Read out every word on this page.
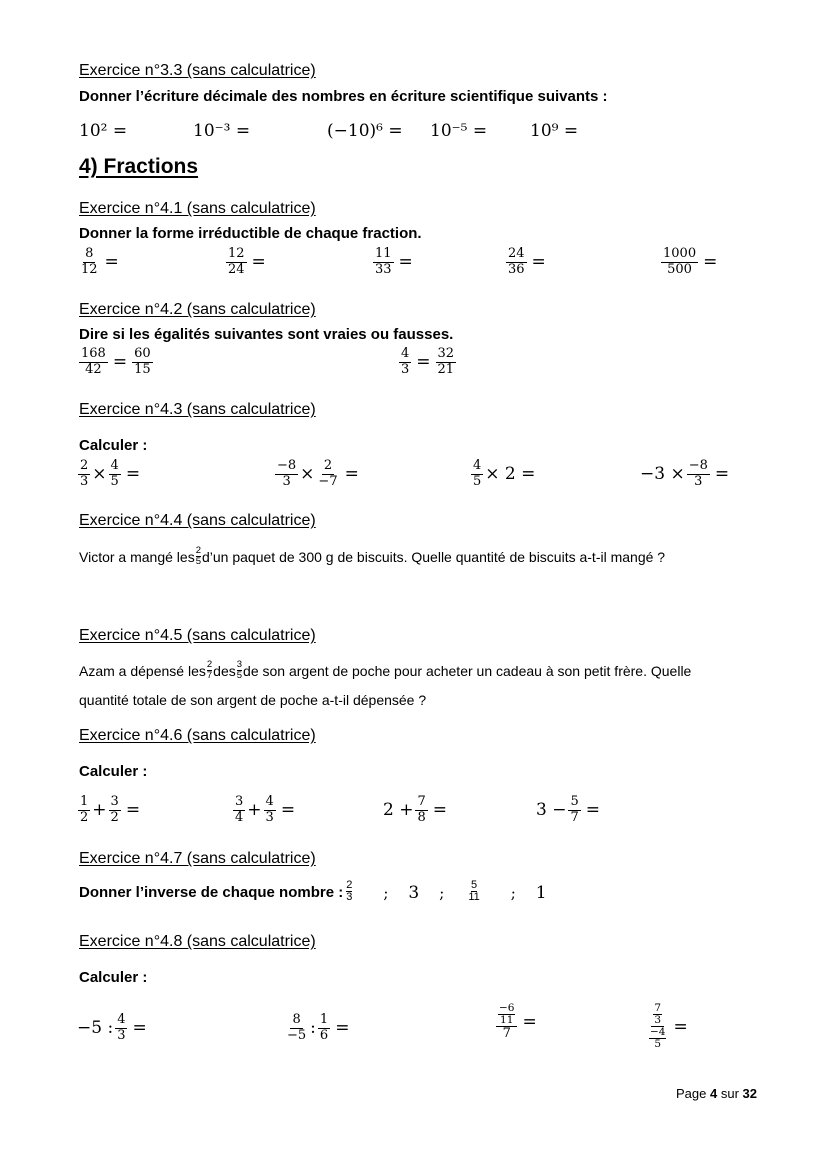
Exercice n°3.3 (sans calculatrice)
Donner l’écriture décimale des nombres en écriture scientifique suivants :
10² =	10⁻³ =	(−10)⁶ = 10⁻⁵ =	10⁹ =
4) Fractions
Exercice n°4.1 (sans calculatrice)
Donner la forme irréductible de chaque fraction.
$\frac{8}{12}$ =	$\frac{12}{24}$ =	$\frac{11}{33}$ =	$\frac{24}{36}$ =	$\frac{1000}{500}$ =
Exercice n°4.2 (sans calculatrice)
Dire si les égalités suivantes sont vraies ou fausses.
$\frac{168}{42} = \frac{60}{15}$	$\frac{4}{3} = \frac{32}{21}$
Exercice n°4.3 (sans calculatrice)
Calculer :
$\frac{2}{3} \times \frac{4}{5}$ =	$\frac{-8}{3} \times \frac{2}{-7}$ =	$\frac{4}{5} \times 2$ =	$-3 \times \frac{-8}{3}$ =
Exercice n°4.4 (sans calculatrice)
Victor a mangé les 2
5 d’un paquet de 300 g de biscuits. Quelle quantité de biscuits a-t-il mangé ?
Exercice n°4.5 (sans calculatrice)
Azam a dépensé les 2
7 des 3
5 de son argent de poche pour acheter un cadeau à son petit frère. Quelle
quantité totale de son argent de poche a-t-il dépensée ?
Exercice n°4.6 (sans calculatrice)
Calculer :
$\frac{1}{2} + \frac{3}{2}$ =	$\frac{3}{4} + \frac{4}{3}$ =	$2 + \frac{7}{8}$ =	$3 - \frac{5}{7}$ =
Exercice n°4.7 (sans calculatrice)
Donner l’inverse de chaque nombre : 2
3 ; 3 ; 5
11 ; 1
Exercice n°4.8 (sans calculatrice)
Calculer :
−5 : $\frac{4}{3}$ =	$\frac{8}{-5}$ : $\frac{1}{6}$ =	−6
11
7 =	7
3
−4
5 =
Page 4 sur 32
